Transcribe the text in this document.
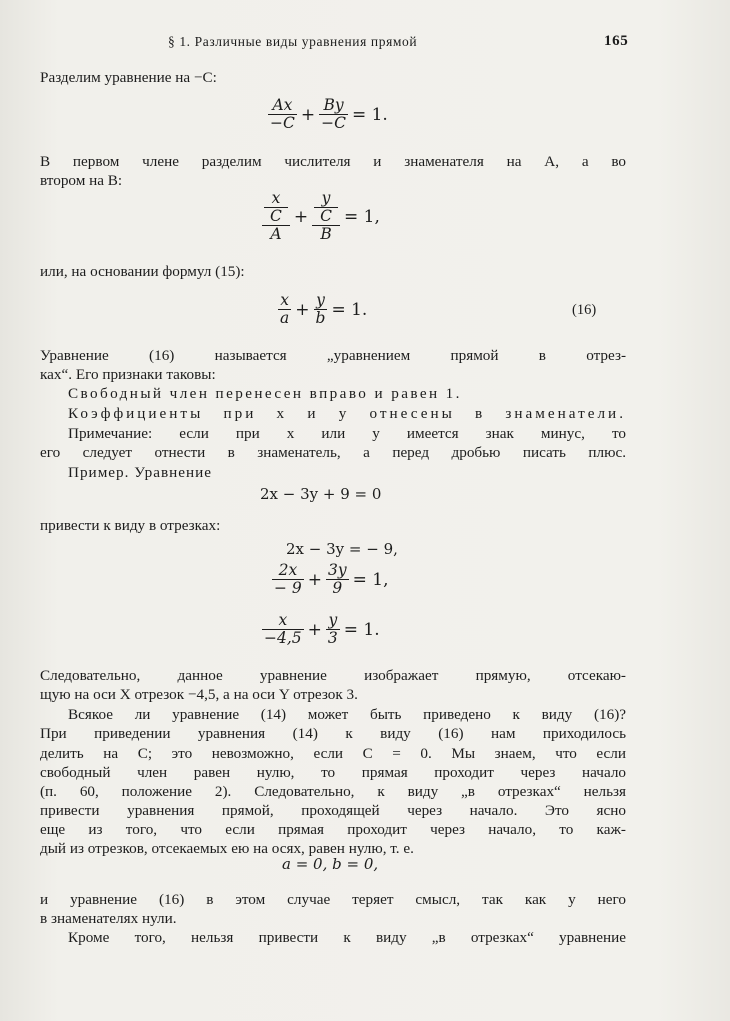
§ 1. Различные виды уравнения прямой	165
Разделим уравнение на −C:
$\frac{Ax}{-C} + \frac{By}{-C} = 1$.
В первом члене разделим числителя и знаменателя на A, а во
втором на B:
$\frac{\frac{x}{C}}{A} + \frac{\frac{y}{C}}{B} = 1$,
или, на основании формул (15):
$\frac{x}{a} + \frac{y}{b} = 1$.	(16)
Уравнение (16) называется „уравнением прямой в отрез-
ках“. Его признаки таковы:
Свободный член перенесен вправо и равен 1.
Коэффициенты при x и y отнесены в знаменатели.
Примечание: если при x или y имеется знак минус, то
его следует отнести в знаменатель, а перед дробью писать плюс.
Пример. Уравнение
2x − 3y + 9 = 0
привести к виду в отрезках:
2x − 3y = − 9,
$\frac{2x}{- 9} + \frac{3y}{9} = 1$,
$\frac{x}{-4,5} + \frac{y}{3} = 1$.
Следовательно, данное уравнение изображает прямую, отсекаю-
щую на оси X отрезок −4,5, а на оси Y отрезок 3.
Всякое ли уравнение (14) может быть приведено к виду (16)?
При приведении уравнения (14) к виду (16) нам приходилось
делить на C; это невозможно, если C = 0. Мы знаем, что если
свободный член равен нулю, то прямая проходит через начало
(п. 60, положение 2). Следовательно, к виду „в отрезках“ нельзя
привести уравнения прямой, проходящей через начало. Это ясно
еще из того, что если прямая проходит через начало, то каж-
дый из отрезков, отсекаемых ею на осях, равен нулю, т. е.
a = 0, b = 0,
и уравнение (16) в этом случае теряет смысл, так как у него
в знаменателях нули.
Кроме того, нельзя привести к виду „в отрезках“ уравнение
